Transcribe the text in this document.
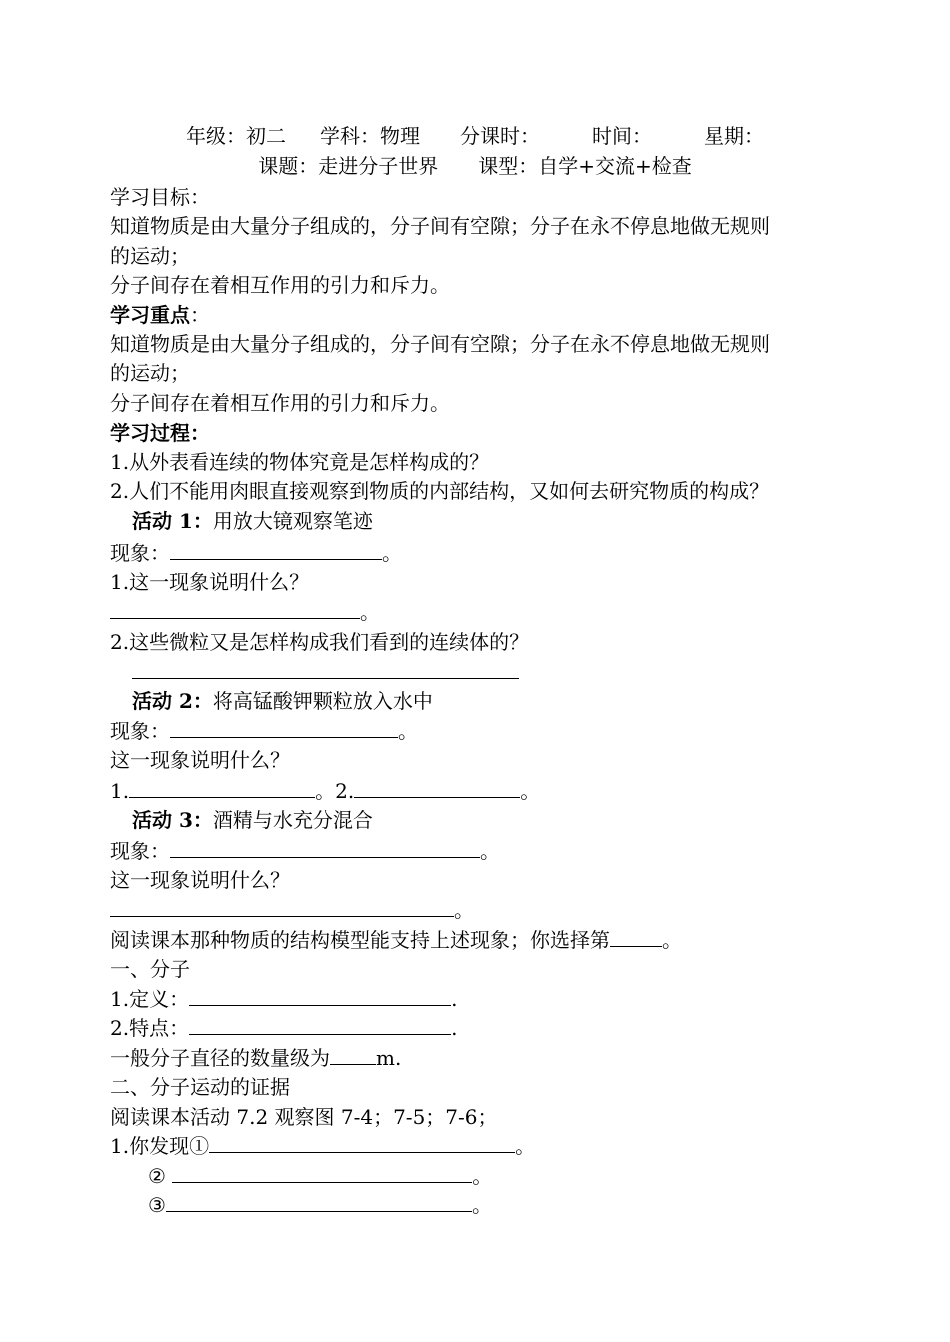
年级：初二 学科：物理 分课时：	时间：	星期：
课题：走进分子世界 课型：自学+交流+检查
学习目标：
知道物质是由大量分子组成的，分子间有空隙；分子在永不停息地做无规则
的运动；
分子间存在着相互作用的引力和斥力。
学习重点：
知道物质是由大量分子组成的，分子间有空隙；分子在永不停息地做无规则
的运动；
分子间存在着相互作用的引力和斥力。
学习过程：
1.从外表看连续的物体究竟是怎样构成的？
2.人们不能用肉眼直接观察到物质的内部结构，又如何去研究物质的构成？
活动 1：用放大镜观察笔迹
现象：	。
1.这一现象说明什么？
。
2.这些微粒又是怎样构成我们看到的连续体的？
活动 2：将高锰酸钾颗粒放入水中
现象：	。
这一现象说明什么？
1.	。2.	。
活动 3：酒精与水充分混合
现象：	。
这一现象说明什么？
。
阅读课本那种物质的结构模型能支持上述现象；你选择第	。
一、分子
1.定义：	.
2.特点：	.
一般分子直径的数量级为 m.
二、分子运动的证据
阅读课本活动 7.2 观察图 7-4；7-5；7-6；
1.你发现①	。
②	。
③	。
